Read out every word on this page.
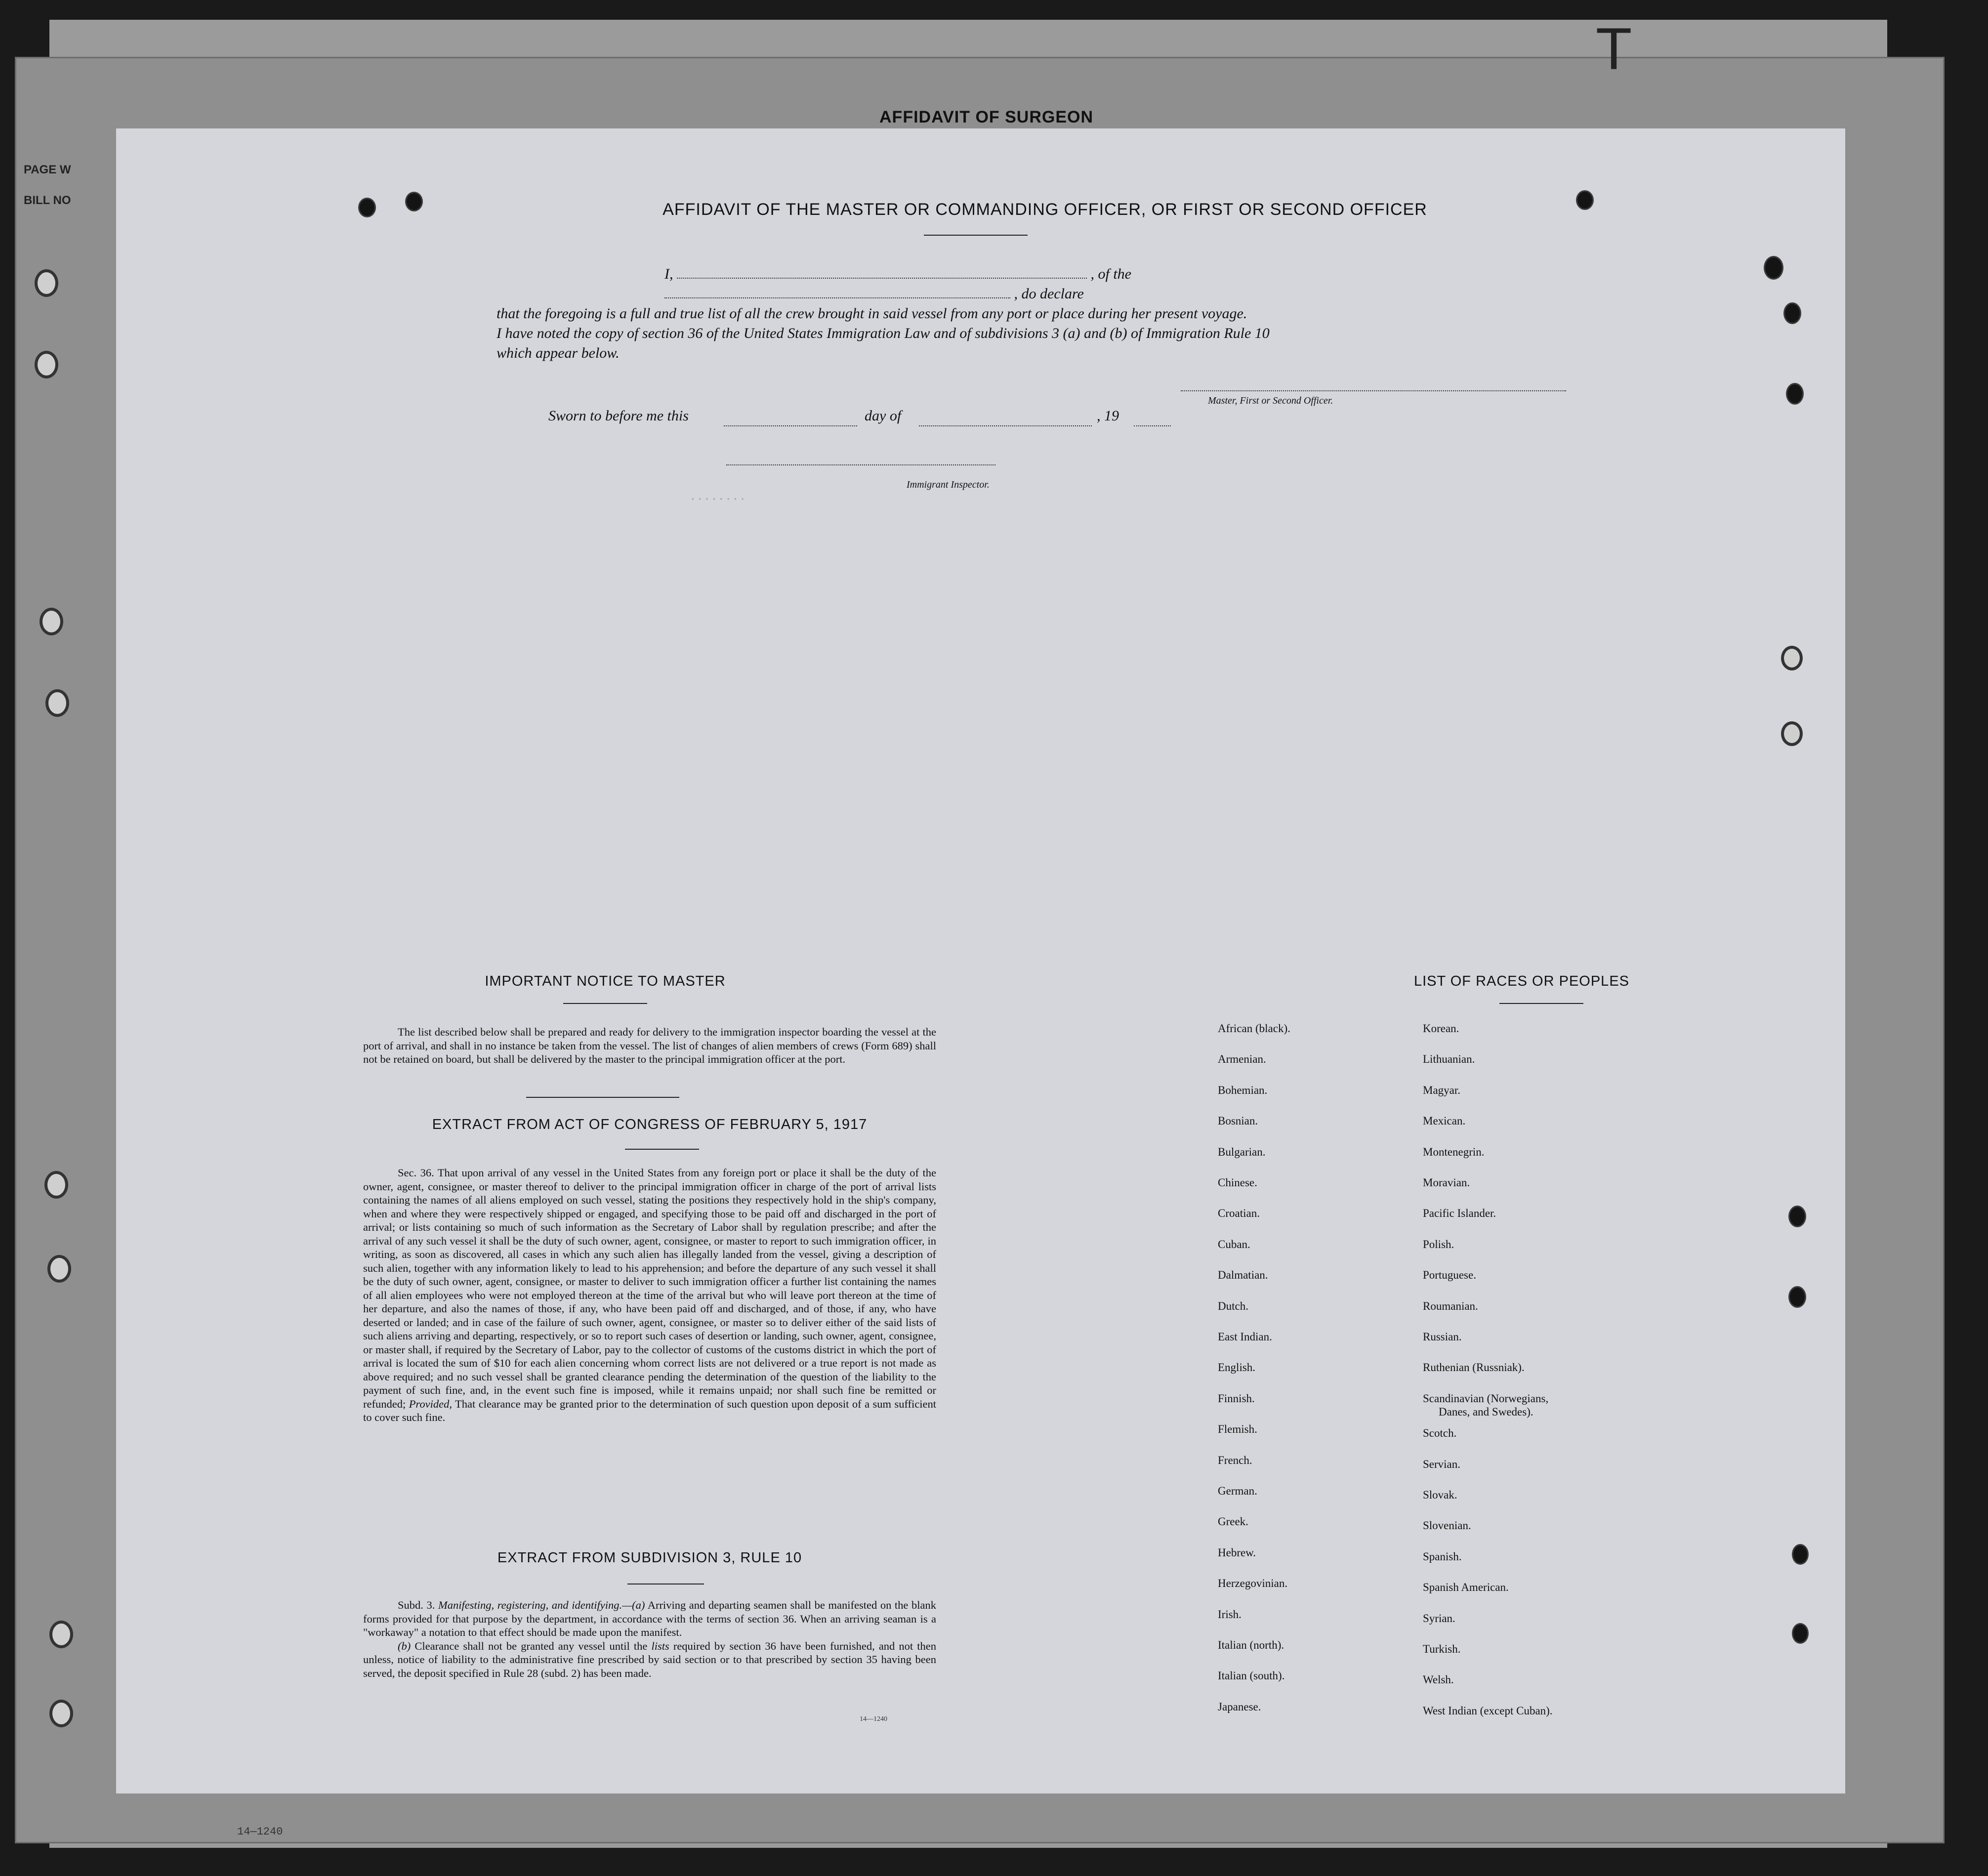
T
AFFIDAVIT OF SURGEON
PAGE W
BILL NO
14—1240
........
AFFIDAVIT OF THE MASTER OR COMMANDING OFFICER, OR FIRST OR SECOND OFFICER
I,	, of the  , do declare
that the foregoing is a full and true list of all the crew brought in said vessel from any port or place during her present voyage.
I have noted the copy of section 36 of the United States Immigration Law and of subdivisions 3 (a) and (b) of Immigration Rule 10
which appear below.
Master, First or Second Officer.
Sworn to before me this	day of	, 19
Immigrant Inspector.
IMPORTANT NOTICE TO MASTER
The list described below shall be prepared and ready for delivery to the immigration inspector boarding the vessel at the port of arrival, and shall in no instance be taken from the vessel. The list of changes of alien members of crews (Form 689) shall not be retained on board, but shall be delivered by the master to the principal immigration officer at the port.
EXTRACT FROM ACT OF CONGRESS OF FEBRUARY 5, 1917
Sec. 36. That upon arrival of any vessel in the United States from any foreign port or place it shall be the duty of the owner, agent, consignee, or master thereof to deliver to the principal immigration officer in charge of the port of arrival lists containing the names of all aliens employed on such vessel, stating the positions they respectively hold in the ship's company, when and where they were respectively shipped or engaged, and specifying those to be paid off and discharged in the port of arrival; or lists containing so much of such information as the Secretary of Labor shall by regulation prescribe; and after the arrival of any such vessel it shall be the duty of such owner, agent, consignee, or master to report to such immigration officer, in writing, as soon as discovered, all cases in which any such alien has illegally landed from the vessel, giving a description of such alien, together with any information likely to lead to his apprehension; and before the departure of any such vessel it shall be the duty of such owner, agent, consignee, or master to deliver to such immigration officer a further list containing the names of all alien employees who were not employed thereon at the time of the arrival but who will leave port thereon at the time of her departure, and also the names of those, if any, who have been paid off and discharged, and of those, if any, who have deserted or landed; and in case of the failure of such owner, agent, consignee, or master so to deliver either of the said lists of such aliens arriving and departing, respectively, or so to report such cases of desertion or landing, such owner, agent, consignee, or master shall, if required by the Secretary of Labor, pay to the collector of customs of the customs district in which the port of arrival is located the sum of $10 for each alien concerning whom correct lists are not delivered or a true report is not made as above required; and no such vessel shall be granted clearance pending the determination of the question of the liability to the payment of such fine, and, in the event such fine is imposed, while it remains unpaid; nor shall such fine be remitted or refunded; Provided, That clearance may be granted prior to the determination of such question upon deposit of a sum sufficient to cover such fine.
EXTRACT FROM SUBDIVISION 3, RULE 10
Subd. 3. Manifesting, registering, and identifying.—(a) Arriving and departing seamen shall be manifested on the blank forms provided for that purpose by the department, in accordance with the terms of section 36. When an arriving seaman is a "workaway" a notation to that effect should be made upon the manifest.
(b) Clearance shall not be granted any vessel until the lists required by section 36 have been furnished, and not then unless, notice of liability to the administrative fine prescribed by said section or to that prescribed by section 35 having been served, the deposit specified in Rule 28 (subd. 2) has been made.
14—1240
LIST OF RACES OR PEOPLES
African (black).
Armenian.
Bohemian.
Bosnian.
Bulgarian.
Chinese.
Croatian.
Cuban.
Dalmatian.
Dutch.
East Indian.
English.
Finnish.
Flemish.
French.
German.
Greek.
Hebrew.
Herzegovinian.
Irish.
Italian (north).
Italian (south).
Japanese.
Korean.
Lithuanian.
Magyar.
Mexican.
Montenegrin.
Moravian.
Pacific Islander.
Polish.
Portuguese.
Roumanian.
Russian.
Ruthenian (Russniak).
Scandinavian (Norwegians,
Danes, and Swedes).
Scotch.
Servian.
Slovak.
Slovenian.
Spanish.
Spanish American.
Syrian.
Turkish.
Welsh.
West Indian (except Cuban).
